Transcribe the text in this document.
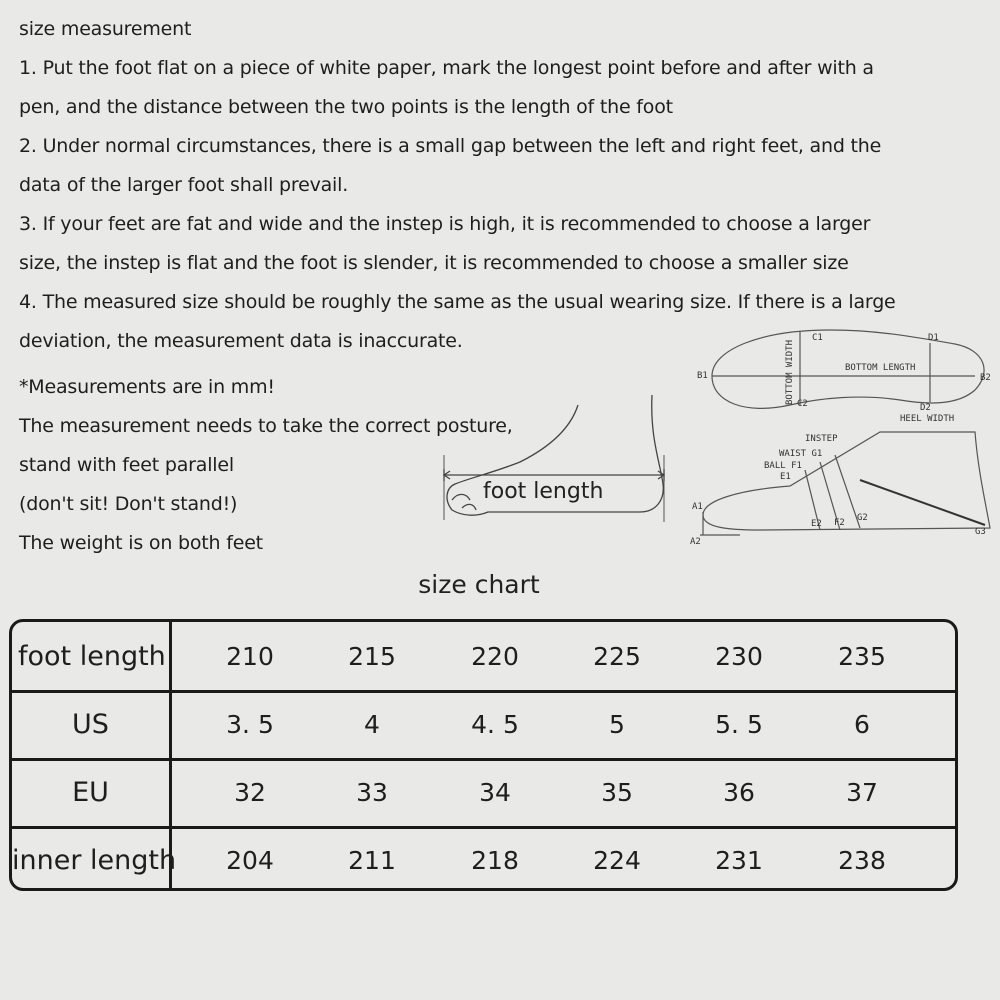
size measurement
1. Put the foot flat on a piece of white paper, mark the longest point before and after with a
pen, and the distance between the two points is the length of the foot
2. Under normal circumstances, there is a small gap between the left and right feet, and the
data of the larger foot shall prevail.
3. If your feet are fat and wide and the instep is high, it is recommended to choose a larger
size, the instep is flat and the foot is slender, it is recommended to choose a smaller size
4. The measured size should be roughly the same as the usual wearing size. If there is a large
deviation, the measurement data is inaccurate.
*Measurements are in mm!
The measurement needs to take the correct posture,
stand with feet parallel
(don't sit! Don't stand!)
The weight is on both feet
foot length
BOTTOM WIDTH
C1
C2
D1
D2
B1	B2
BOTTOM LENGTH
HEEL WIDTH
INSTEP
WAIST G1
BALL F1
E1
A1
A2
E2 F2 G2
G3
size chart
foot length	210	215	220	225	230	235
US	3. 5	4	4. 5	5	5. 5	6
EU	32	33	34	35	36	37
inner length	204	211	218	224	231	238
